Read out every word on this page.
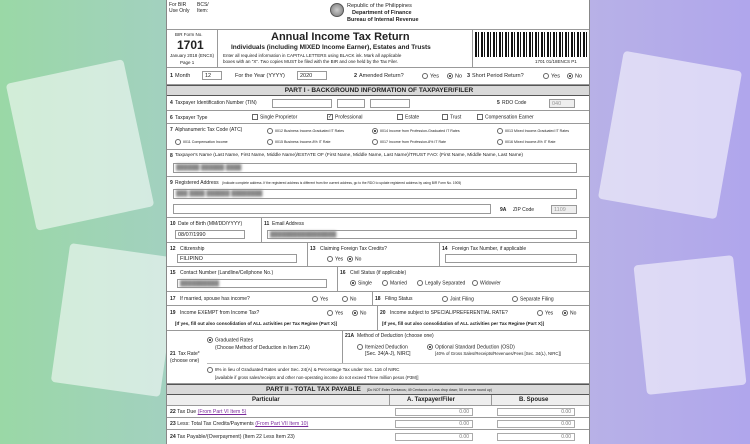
For BIR
Use Only
BCS/
Item:
Republic of the Philippines
Department of Finance
Bureau of Internal Revenue
BIR Form No.
1701
January 2018 (ENCS)
Page 1
Annual Income Tax Return
Individuals (including MIXED Income Earner), Estates and Trusts
Enter all required information in CAPITAL LETTERS using BLACK ink. Mark all applicable
boxes with an "X". Two copies MUST be filed with the BIR and one held by the Tax Filer.	1701 01/18ENCS P1
1 Month	12	For the Year (YYYY)	2020	2 Amended Return?	Yes	No 3 Short Period Return?	Yes	No
PART I - BACKGROUND INFORMATION OF TAXPAYER/FILER
4 Taxpayer Identification Number (TIN)	5 RDO Code	040
6 Taxpayer Type	Single Proprietor	✓ Professional	Estate	Trust	Compensation Earner
7 Alphanumeric Tax Code (ATC)	II012 Business Income-Graduated IT Rates	II014 Income from Profession-Graduated IT Rates	II013 Mixed Income-Graduated IT Rates
II011 Compensation Income	II015 Business Income-8% IT Rate	II017 Income from Profession-8% IT Rate	II016 Mixed Income-8% IT Rate
8 Taxpayer's Name (Last Name, First Name, Middle Name)/ESTATE OF (First Name, Middle Name, Last Name)/TRUST FAO: (First Name, Middle Name, Last Name)
██████ ██████ ████
9 Registered Address (Indicate complete address. If the registered address is different from the current address, go to the RDO to update registered address by using BIR Form No. 1905)
███ ████ ██████ ████████
9A ZIP Code	1109
10 Date of Birth (MM/DD/YYYY)
08/07/1990
11 Email Address
█████████████████
12 Citizenship
FILIPINO
13 Claiming Foreign Tax Credits?
Yes	No
14 Foreign Tax Number, if applicable
15 Contact Number (Landline/Cellphone No.)
██████████
16 Civil Status (if applicable)
Single	Married	Legally Separated	Widow/er
17 If married, spouse has income?	Yes	No	18 Filing Status	Joint Filing	Separate Filing
19 Income EXEMPT from Income Tax?	Yes	No
[If yes, fill out also consolidation of ALL activities per Tax Regime (Part X)]
20 Income subject to SPECIAL/PREFERENTIAL RATE?	Yes	No
[If yes, fill out also consolidation of ALL activities per Tax Regime (Part X)]
21 Tax Rate*
(choose one)
Graduated Rates
(Choose Method of Deduction in Item 21A)
21A Method of Deduction (choose one)
Itemized Deduction
[Sec. 34(A-J), NIRC]
Optional Standard Deduction (OSD)
[40% of Gross Sales/Receipts/Revenues/Fees [Sec. 34(L), NIRC]]
8% in lieu of Graduated Rates under Sec. 24(A) & Percentage Tax under Sec. 116 of NIRC
[available if gross sales/receipts and other non-operating income do not exceed Three million pesos (P3M)]
PART II - TOTAL TAX PAYABLE (Do NOT Enter Centavos; 49 Centavos or Less drop down; 50 or more round up)
Particular	A. Taxpayer/Filer	B. Spouse
22 Tax Due (From Part VI Item 5)	0.00	0.00
23 Less: Total Tax Credits/Payments (From Part VII Item 10)	0.00	0.00
24 Tax Payable/(Overpayment) (Item 22 Less Item 23)	0.00	0.00
